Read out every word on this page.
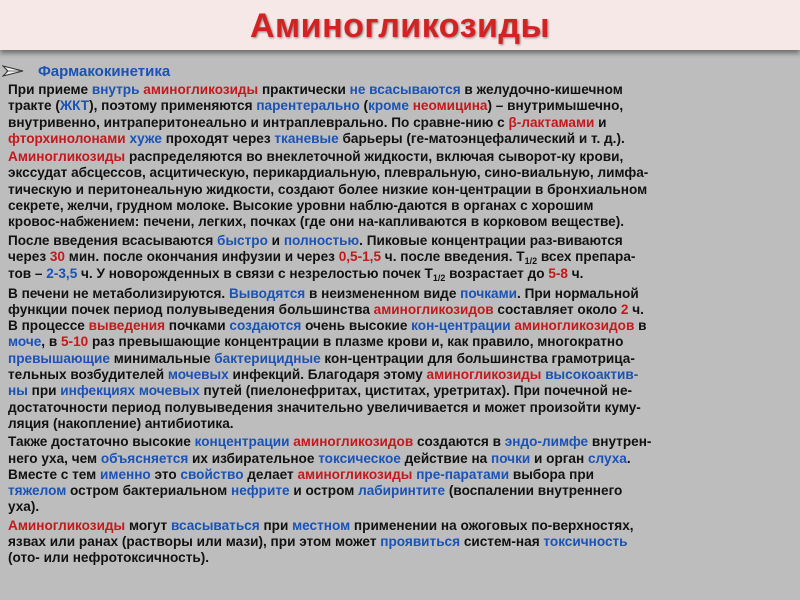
Аминогликозиды
Фармакокинетика
При приеме внутрь аминогликозиды практически не всасываются в желудочно-кишечном
тракте (ЖКТ), поэтому применяются парентерально (кроме неомицина) – внутримышечно,
внутривенно, интраперитонеально и интраплеврально. По сравне-нию с β-лактамами и
фторхинолонами хуже проходят через тканевые барьеры (ге-матоэнцефалический и т. д.).
Аминогликозиды распределяются во внеклеточной жидкости, включая сыворот-ку крови,
экссудат абсцессов, асцитическую, перикардиальную, плевральную, сино-виальную, лимфа-
тическую и перитонеальную жидкости, создают более низкие кон-центрации в бронхиальном
секрете, желчи, грудном молоке. Высокие уровни наблю-даются в органах с хорошим
кровос-набжением: печени, легких, почках (где они на-капливаются в корковом веществе).
После введения всасываются быстро и полностью. Пиковые концентрации раз-виваются
через 30 мин. после окончания инфузии и через 0,5-1,5 ч. после введения. $Т_{1/2}$ всех препара-
тов – 2-3,5 ч. У новорожденных в связи с незрелостью почек $Т_{1/2}$ возрастает до 5-8 ч.
В печени не метаболизируются. Выводятся в неизмененном виде почками. При нормальной
функции почек период полувыведения большинства аминогликозидов составляет около 2 ч.
В процессе выведения почками создаются очень высокие кон-центрации аминогликозидов в
моче, в 5-10 раз превышающие концентрации в плазме крови и, как правило, многократно
превышающие минимальные бактерицидные кон-центрации для большинства грамотрица-
тельных возбудителей мочевых инфекций. Благодаря этому аминогликозиды высокоактив-
ны при инфекциях мочевых путей (пиелонефритах, циститах, уретритах). При почечной не-
достаточности период полувыведения значительно увеличивается и может произойти куму-
ляция (накопление) антибиотика.
Также достаточно высокие концентрации аминогликозидов создаются в эндо-лимфе внутрен-
него уха, чем объясняется их избирательное токсическое действие на почки и орган слуха.
Вместе с тем именно это свойство делает аминогликозиды пре-паратами выбора при
тяжелом остром бактериальном нефрите и остром лабиринтите (воспалении внутреннего
уха).
Аминогликозиды могут всасываться при местном применении на ожоговых по-верхностях,
язвах или ранах (растворы или мази), при этом может проявиться систем-ная токсичность
(ото- или нефротоксичность).
